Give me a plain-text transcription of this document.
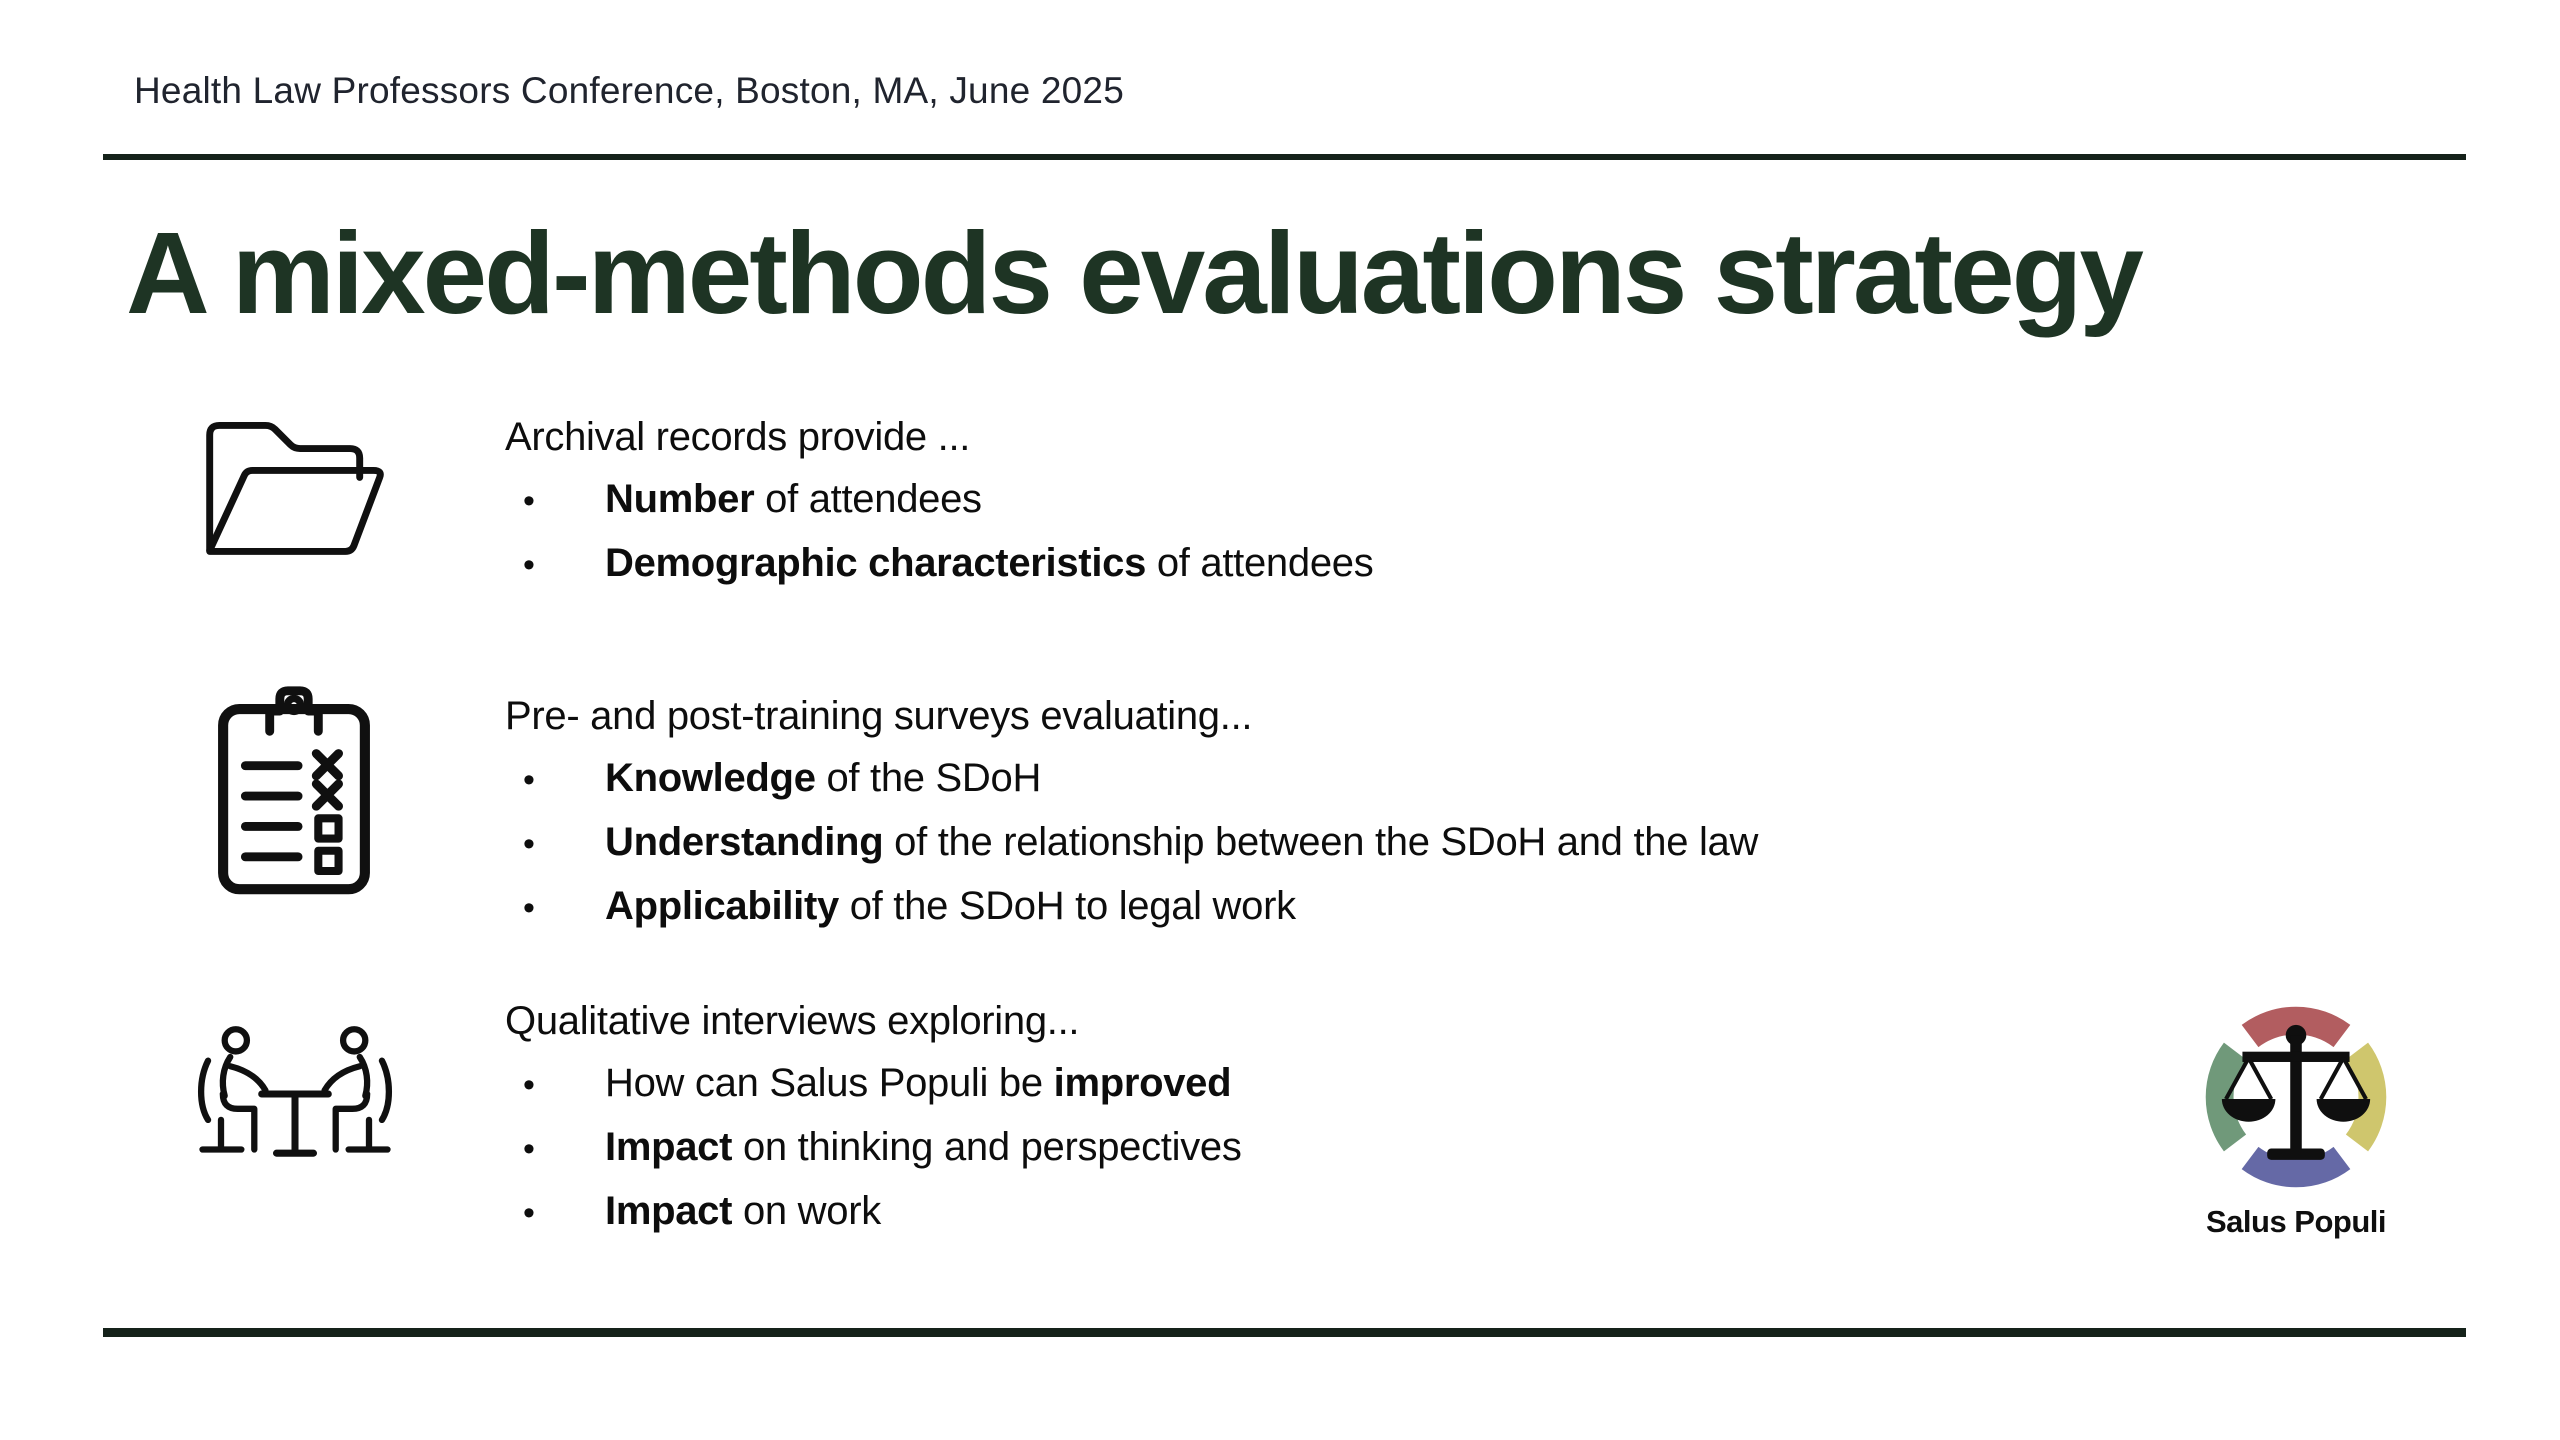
Health Law Professors Conference, Boston, MA, June 2025
A mixed-methods evaluations strategy
Archival records provide ...
•	Number of attendees
•	Demographic characteristics of attendees
Pre- and post-training surveys evaluating...
•	Knowledge of the SDoH
•	Understanding of the relationship between the SDoH and the law
•	Applicability of the SDoH to legal work
Qualitative interviews exploring...
•	How can Salus Populi be improved
•	Impact on thinking and perspectives
•	Impact on work	Salus Populi
